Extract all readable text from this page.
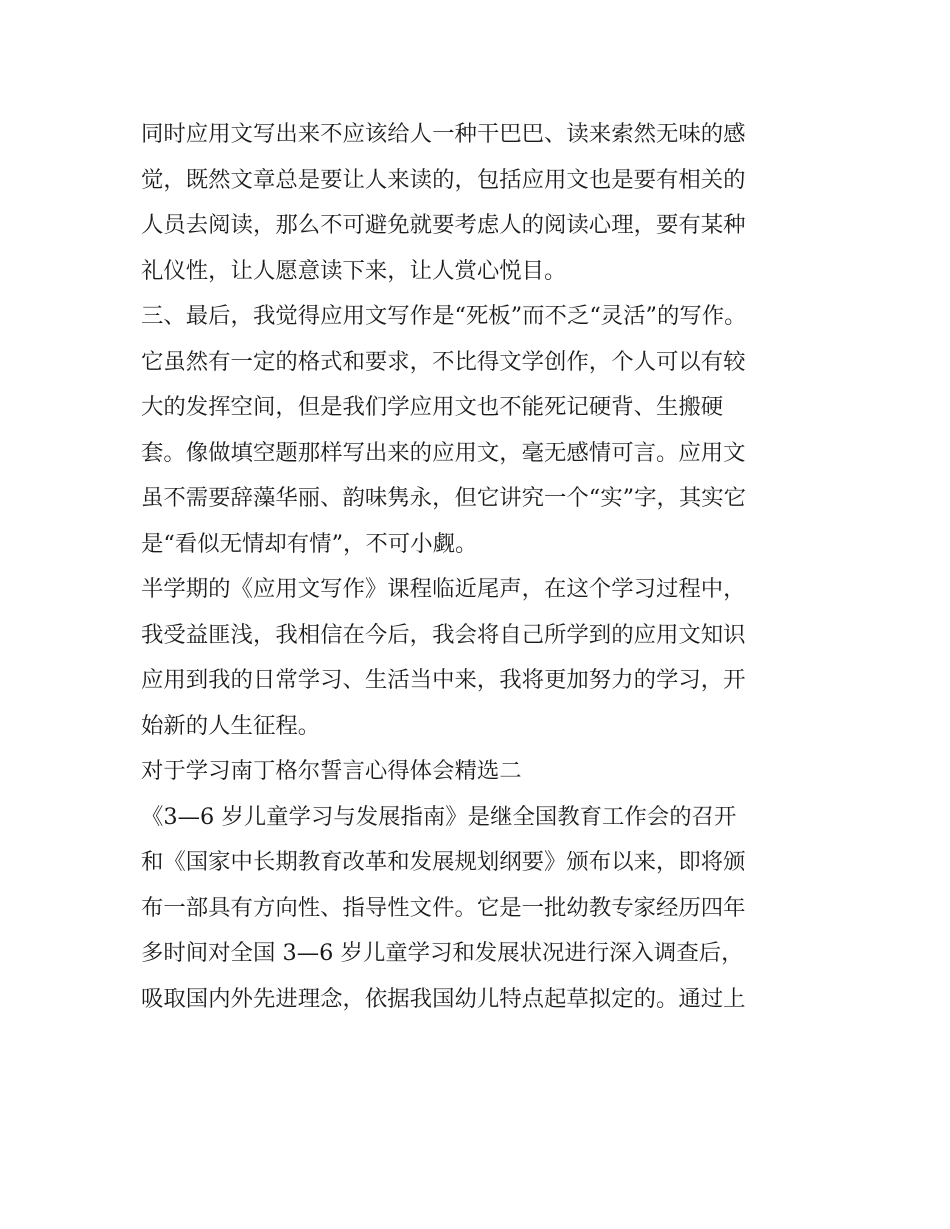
同时应用文写出来不应该给人一种干巴巴、读来索然无味的感
觉，既然文章总是要让人来读的，包括应用文也是要有相关的
人员去阅读，那么不可避免就要考虑人的阅读心理，要有某种
礼仪性，让人愿意读下来，让人赏心悦目。
三、最后，我觉得应用文写作是“死板”而不乏“灵活”的写作。
它虽然有一定的格式和要求，不比得文学创作，个人可以有较
大的发挥空间，但是我们学应用文也不能死记硬背、生搬硬
套。像做填空题那样写出来的应用文，毫无感情可言。应用文
虽不需要辞藻华丽、韵味隽永，但它讲究一个“实”字，其实它
是“看似无情却有情”，不可小觑。
半学期的《应用文写作》课程临近尾声，在这个学习过程中，
我受益匪浅，我相信在今后，我会将自己所学到的应用文知识
应用到我的日常学习、生活当中来，我将更加努力的学习，开
始新的人生征程。
对于学习南丁格尔誓言心得体会精选二
《3—6 岁儿童学习与发展指南》是继全国教育工作会的召开
和《国家中长期教育改革和发展规划纲要》颁布以来，即将颁
布一部具有方向性、指导性文件。它是一批幼教专家经历四年
多时间对全国 3—6 岁儿童学习和发展状况进行深入调查后，
吸取国内外先进理念，依据我国幼儿特点起草拟定的。通过上
